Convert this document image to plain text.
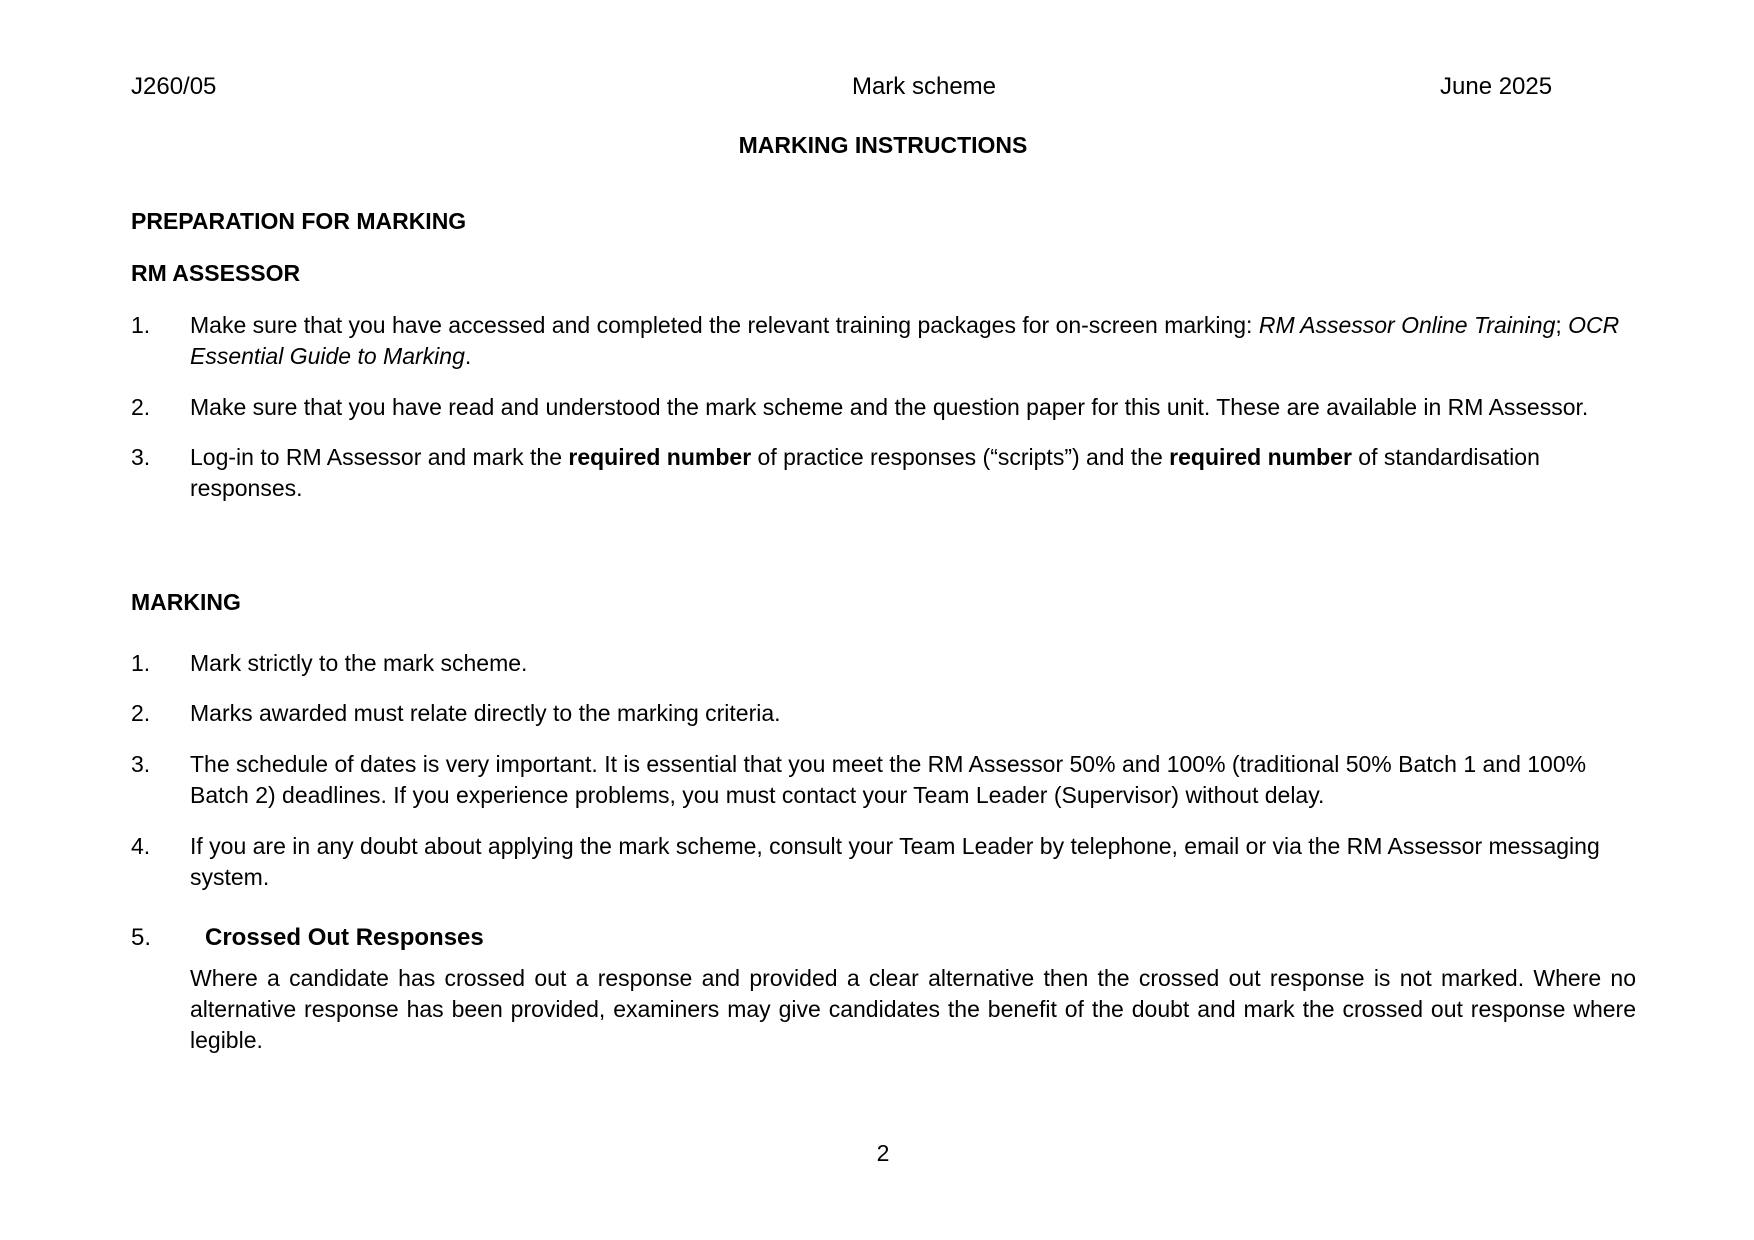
J260/05	Mark scheme	June 2025
MARKING INSTRUCTIONS
PREPARATION FOR MARKING
RM ASSESSOR
1. Make sure that you have accessed and completed the relevant training packages for on-screen marking: RM Assessor Online Training; OCR Essential Guide to Marking.
2. Make sure that you have read and understood the mark scheme and the question paper for this unit. These are available in RM Assessor.
3. Log-in to RM Assessor and mark the required number of practice responses (“scripts”) and the required number of standardisation responses.
MARKING
1. Mark strictly to the mark scheme.
2. Marks awarded must relate directly to the marking criteria.
3. The schedule of dates is very important. It is essential that you meet the RM Assessor 50% and 100% (traditional 50% Batch 1 and 100% Batch 2) deadlines. If you experience problems, you must contact your Team Leader (Supervisor) without delay.
4. If you are in any doubt about applying the mark scheme, consult your Team Leader by telephone, email or via the RM Assessor messaging system.
5. Crossed Out Responses
Where a candidate has crossed out a response and provided a clear alternative then the crossed out response is not marked. Where no alternative response has been provided, examiners may give candidates the benefit of the doubt and mark the crossed out response where legible.
2
